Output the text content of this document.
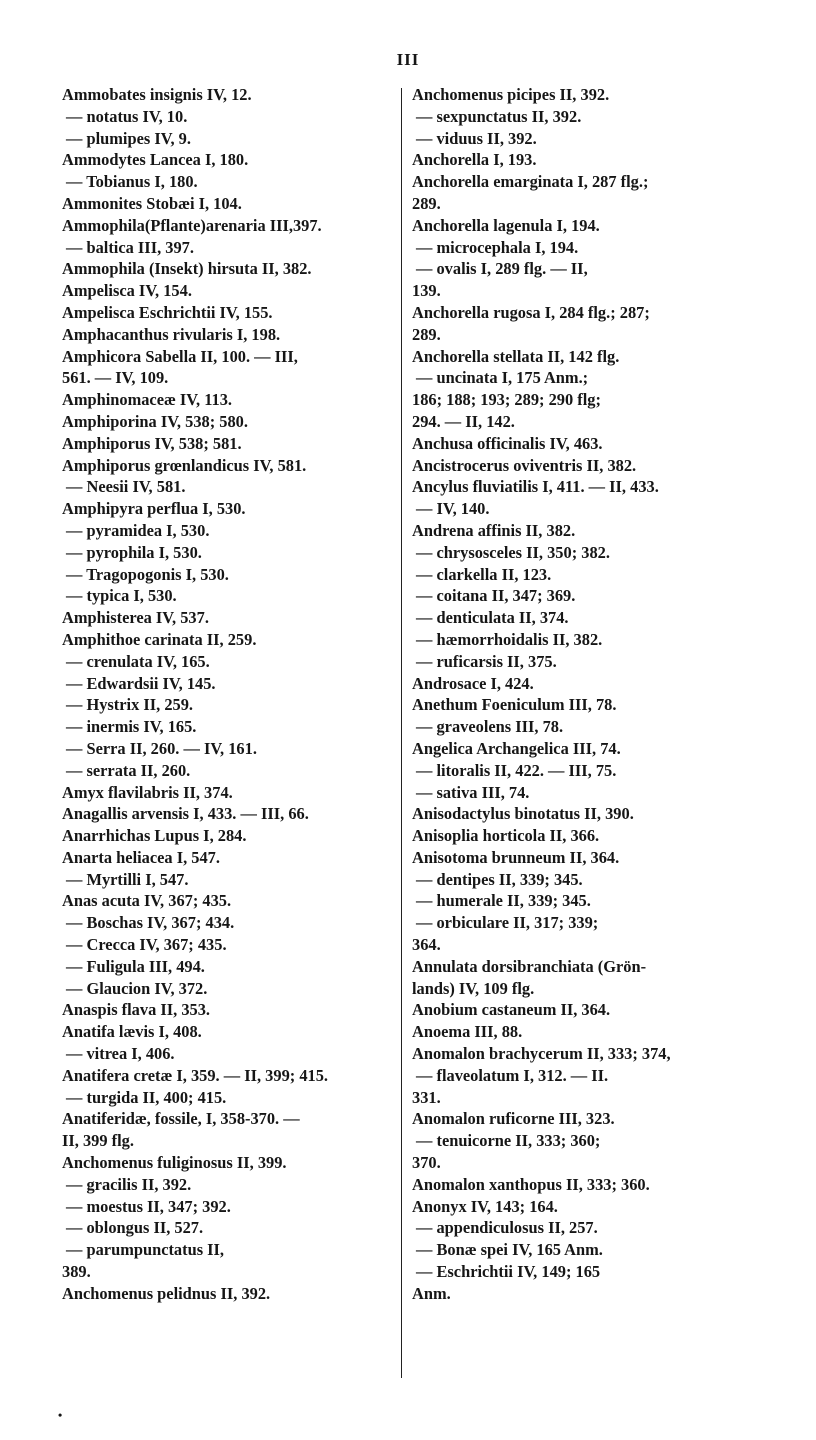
III
Ammobates insignis IV, 12.
— notatus IV, 10.
— plumipes IV, 9.
Ammodytes Lancea I, 180.
— Tobianus I, 180.
Ammonites Stobæi I, 104.
Ammophila(Pflante)arenaria III,397.
— baltica III, 397.
Ammophila (Insekt) hirsuta II, 382.
Ampelisca IV, 154.
Ampelisca Eschrichtii IV, 155.
Amphacanthus rivularis I, 198.
Amphicora Sabella II, 100. — III,
561. — IV, 109.
Amphinomaceæ IV, 113.
Amphiporina IV, 538; 580.
Amphiporus IV, 538; 581.
Amphiporus grœnlandicus IV, 581.
— Neesii IV, 581.
Amphipyra perflua I, 530.
— pyramidea I, 530.
— pyrophila I, 530.
— Tragopogonis I, 530.
— typica I, 530.
Amphisterea IV, 537.
Amphithoe carinata II, 259.
— crenulata IV, 165.
— Edwardsii IV, 145.
— Hystrix II, 259.
— inermis IV, 165.
— Serra II, 260. — IV, 161.
— serrata II, 260.
Amyx flavilabris II, 374.
Anagallis arvensis I, 433. — III, 66.
Anarrhichas Lupus I, 284.
Anarta heliacea I, 547.
— Myrtilli I, 547.
Anas acuta IV, 367; 435.
— Boschas IV, 367; 434.
— Crecca IV, 367; 435.
— Fuligula III, 494.
— Glaucion IV, 372.
Anaspis flava II, 353.
Anatifa lævis I, 408.
— vitrea I, 406.
Anatifera cretæ I, 359. — II, 399; 415.
— turgida II, 400; 415.
Anatiferidæ, fossile, I, 358-370. —
II, 399 flg.
Anchomenus fuliginosus II, 399.
— gracilis II, 392.
— moestus II, 347; 392.
— oblongus II, 527.
— parumpunctatus II,
389.
Anchomenus pelidnus II, 392.
Anchomenus picipes II, 392.
— sexpunctatus II, 392.
— viduus II, 392.
Anchorella I, 193.
Anchorella emarginata I, 287 flg.;
289.
Anchorella lagenula I, 194.
— microcephala I, 194.
— ovalis I, 289 flg. — II,
139.
Anchorella rugosa I, 284 flg.; 287;
289.
Anchorella stellata II, 142 flg.
— uncinata I, 175 Anm.;
186; 188; 193; 289; 290 flg;
294. — II, 142.
Anchusa officinalis IV, 463.
Ancistrocerus oviventris II, 382.
Ancylus fluviatilis I, 411. — II, 433.
— IV, 140.
Andrena affinis II, 382.
— chrysosceles II, 350; 382.
— clarkella II, 123.
— coitana II, 347; 369.
— denticulata II, 374.
— hæmorrhoidalis II, 382.
— ruficarsis II, 375.
Androsace I, 424.
Anethum Foeniculum III, 78.
— graveolens III, 78.
Angelica Archangelica III, 74.
— litoralis II, 422. — III, 75.
— sativa III, 74.
Anisodactylus binotatus II, 390.
Anisoplia horticola II, 366.
Anisotoma brunneum II, 364.
— dentipes II, 339; 345.
— humerale II, 339; 345.
— orbiculare II, 317; 339;
364.
Annulata dorsibranchiata (Grön-
lands) IV, 109 flg.
Anobium castaneum II, 364.
Anoema III, 88.
Anomalon brachycerum II, 333; 374,
— flaveolatum I, 312. — II.
331.
Anomalon ruficorne III, 323.
— tenuicorne II, 333; 360;
370.
Anomalon xanthopus II, 333; 360.
Anonyx IV, 143; 164.
— appendiculosus II, 257.
— Bonæ spei IV, 165 Anm.
— Eschrichtii IV, 149; 165
Anm.
•
